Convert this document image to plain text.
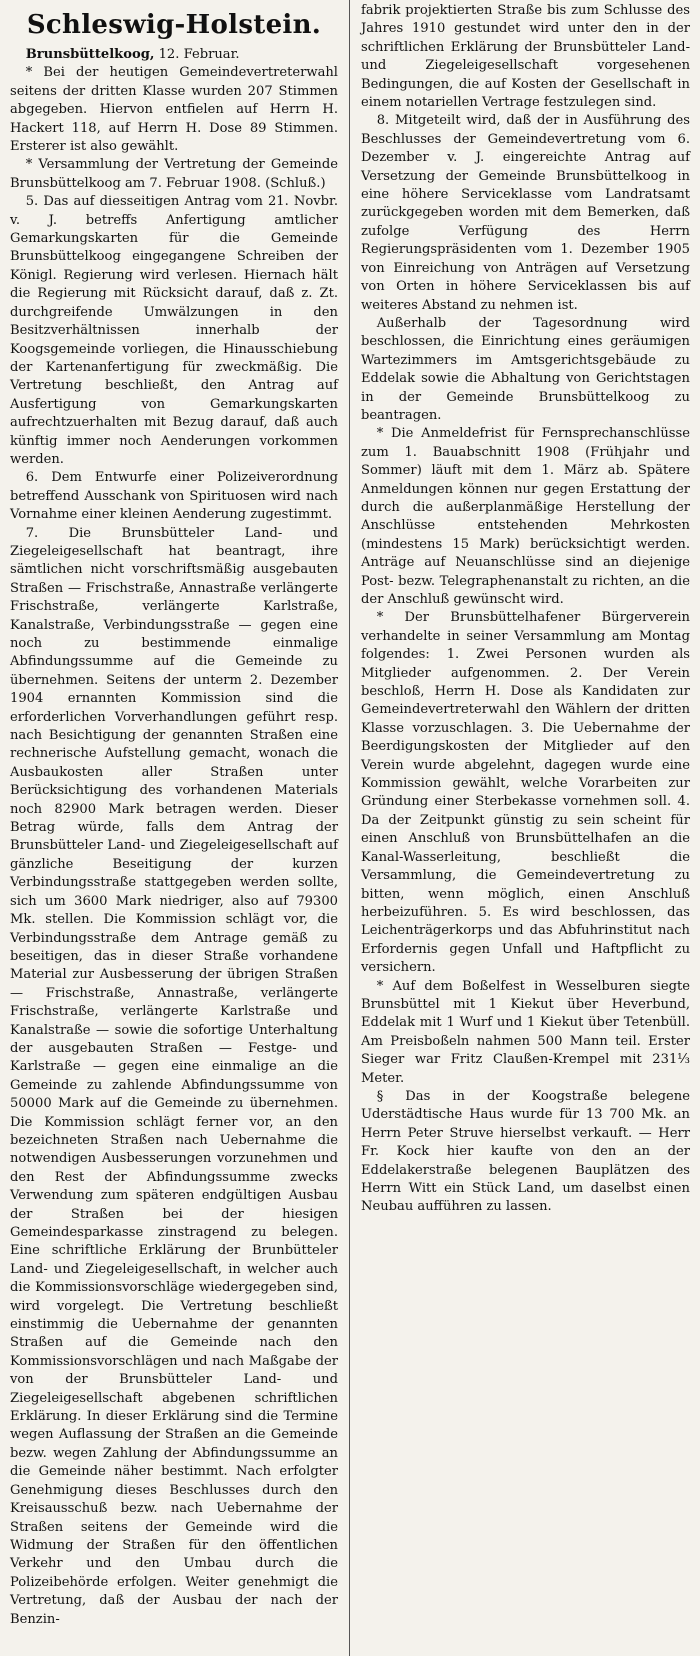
Schleswig-Holstein.

Brunsbüttelkoog, 12. Februar.

* Bei der heutigen Gemeindevertreterwahl seitens der dritten Klasse wurden 207 Stimmen abgegeben. Hiervon entfielen auf Herrn H. Hackert 118, auf Herrn H. Dose 89 Stimmen. Ersterer ist also gewählt.

* Versammlung der Vertretung der Gemeinde Brunsbüttelkoog am 7. Februar 1908. (Schluß.)

5. Das auf diesseitigen Antrag vom 21. Novbr. v. J. betreffs Anfertigung amtlicher Gemarkungskarten für die Gemeinde Brunsbüttelkoog eingegangene Schreiben der Königl. Regierung wird verlesen. Hiernach hält die Regierung mit Rücksicht darauf, daß z. Zt. durchgreifende Umwälzungen in den Besitzverhältnissen innerhalb der Koogsgemeinde vorliegen, die Hinausschiebung der Kartenanfertigung für zweckmäßig. Die Vertretung beschließt, den Antrag auf Ausfertigung von Gemarkungskarten aufrechtzuerhalten mit Bezug darauf, daß auch künftig immer noch Aenderungen vorkommen werden.

6. Dem Entwurfe einer Polizeiverordnung betreffend Ausschank von Spirituosen wird nach Vornahme einer kleinen Aenderung zugestimmt.

7. Die Brunsbütteler Land- und Ziegeleigesellschaft hat beantragt, ihre sämtlichen nicht vorschriftsmäßig ausgebauten Straßen — Frischstraße, Annastraße verlängerte Frischstraße, verlängerte Karlstraße, Kanalstraße, Verbindungsstraße — gegen eine noch zu bestimmende einmalige Abfindungssumme auf die Gemeinde zu übernehmen. Seitens der unterm 2. Dezember 1904 ernannten Kommission sind die erforderlichen Vorverhandlungen geführt resp. nach Besichtigung der genannten Straßen eine rechnerische Aufstellung gemacht, wonach die Ausbaukosten aller Straßen unter Berücksichtigung des vorhandenen Materials noch 82900 Mark betragen werden. Dieser Betrag würde, falls dem Antrag der Brunsbütteler Land- und Ziegeleigesellschaft auf gänzliche Beseitigung der kurzen Verbindungsstraße stattgegeben werden sollte, sich um 3600 Mark niedriger, also auf 79300 Mk. stellen. Die Kommission schlägt vor, die Verbindungsstraße dem Antrage gemäß zu beseitigen, das in dieser Straße vorhandene Material zur Ausbesserung der übrigen Straßen — Frischstraße, Annastraße, verlängerte Frischstraße, verlängerte Karlstraße und Kanalstraße — sowie die sofortige Unterhaltung der ausgebauten Straßen — Festge- und Karlstraße — gegen eine einmalige an die Gemeinde zu zahlende Abfindungssumme von 50000 Mark auf die Gemeinde zu übernehmen. Die Kommission schlägt ferner vor, an den bezeichneten Straßen nach Uebernahme die notwendigen Ausbesserungen vorzunehmen und den Rest der Abfindungssumme zwecks Verwendung zum späteren endgültigen Ausbau der Straßen bei der hiesigen Gemeindesparkasse zinstragend zu belegen. Eine schriftliche Erklärung der Brunbütteler Land- und Ziegeleigesellschaft, in welcher auch die Kommissionsvorschläge wiedergegeben sind, wird vorgelegt. Die Vertretung beschließt einstimmig die Uebernahme der genannten Straßen auf die Gemeinde nach den Kommissionsvorschlägen und nach Maßgabe der von der Brunsbütteler Land- und Ziegeleigesellschaft abgebenen schriftlichen Erklärung. In dieser Erklärung sind die Termine wegen Auflassung der Straßen an die Gemeinde bezw. wegen Zahlung der Abfindungssumme an die Gemeinde näher bestimmt. Nach erfolgter Genehmigung dieses Beschlusses durch den Kreisausschuß bezw. nach Uebernahme der Straßen seitens der Gemeinde wird die Widmung der Straßen für den öffentlichen Verkehr und den Umbau durch die Polizeibehörde erfolgen. Weiter genehmigt die Vertretung, daß der Ausbau der nach der Benzin-

fabrik projektierten Straße bis zum Schlusse des Jahres 1910 gestundet wird unter den in der schriftlichen Erklärung der Brunsbütteler Land- und Ziegeleigesellschaft vorgesehenen Bedingungen, die auf Kosten der Gesellschaft in einem notariellen Vertrage festzulegen sind.

8. Mitgeteilt wird, daß der in Ausführung des Beschlusses der Gemeindevertretung vom 6. Dezember v. J. eingereichte Antrag auf Versetzung der Gemeinde Brunsbüttelkoog in eine höhere Serviceklasse vom Landratsamt zurückgegeben worden mit dem Bemerken, daß zufolge Verfügung des Herrn Regierungspräsidenten vom 1. Dezember 1905 von Einreichung von Anträgen auf Versetzung von Orten in höhere Serviceklassen bis auf weiteres Abstand zu nehmen ist.

Außerhalb der Tagesordnung wird beschlossen, die Einrichtung eines geräumigen Wartezimmers im Amtsgerichtsgebäude zu Eddelak sowie die Abhaltung von Gerichtstagen in der Gemeinde Brunsbüttelkoog zu beantragen.

* Die Anmeldefrist für Fernsprechanschlüsse zum 1. Bauabschnitt 1908 (Frühjahr und Sommer) läuft mit dem 1. März ab. Spätere Anmeldungen können nur gegen Erstattung der durch die außerplanmäßige Herstellung der Anschlüsse entstehenden Mehrkosten (mindestens 15 Mark) berücksichtigt werden. Anträge auf Neuanschlüsse sind an diejenige Post- bezw. Telegraphenanstalt zu richten, an die der Anschluß gewünscht wird.

* Der Brunsbüttelhafener Bürgerverein verhandelte in seiner Versammlung am Montag folgendes: 1. Zwei Personen wurden als Mitglieder aufgenommen. 2. Der Verein beschloß, Herrn H. Dose als Kandidaten zur Gemeindevertreterwahl den Wählern der dritten Klasse vorzuschlagen. 3. Die Uebernahme der Beerdigungskosten der Mitglieder auf den Verein wurde abgelehnt, dagegen wurde eine Kommission gewählt, welche Vorarbeiten zur Gründung einer Sterbekasse vornehmen soll. 4. Da der Zeitpunkt günstig zu sein scheint für einen Anschluß von Brunsbüttelhafen an die Kanal-Wasserleitung, beschließt die Versammlung, die Gemeindevertretung zu bitten, wenn möglich, einen Anschluß herbeizuführen. 5. Es wird beschlossen, das Leichenträgerkorps und das Abfuhrinstitut nach Erfordernis gegen Unfall und Haftpflicht zu versichern.

* Auf dem Boßelfest in Wesselburen siegte Brunsbüttel mit 1 Kiekut über Heverbund, Eddelak mit 1 Wurf und 1 Kiekut über Tetenbüll. Am Preisboßeln nahmen 500 Mann teil. Erster Sieger war Fritz Claußen-Krempel mit 231⅓ Meter.

§ Das in der Koogstraße belegene Uderstädtische Haus wurde für 13 700 Mk. an Herrn Peter Struve hierselbst verkauft. — Herr Fr. Kock hier kaufte von den an der Eddelakerstraße belegenen Bauplätzen des Herrn Witt ein Stück Land, um daselbst einen Neubau aufführen zu lassen.
